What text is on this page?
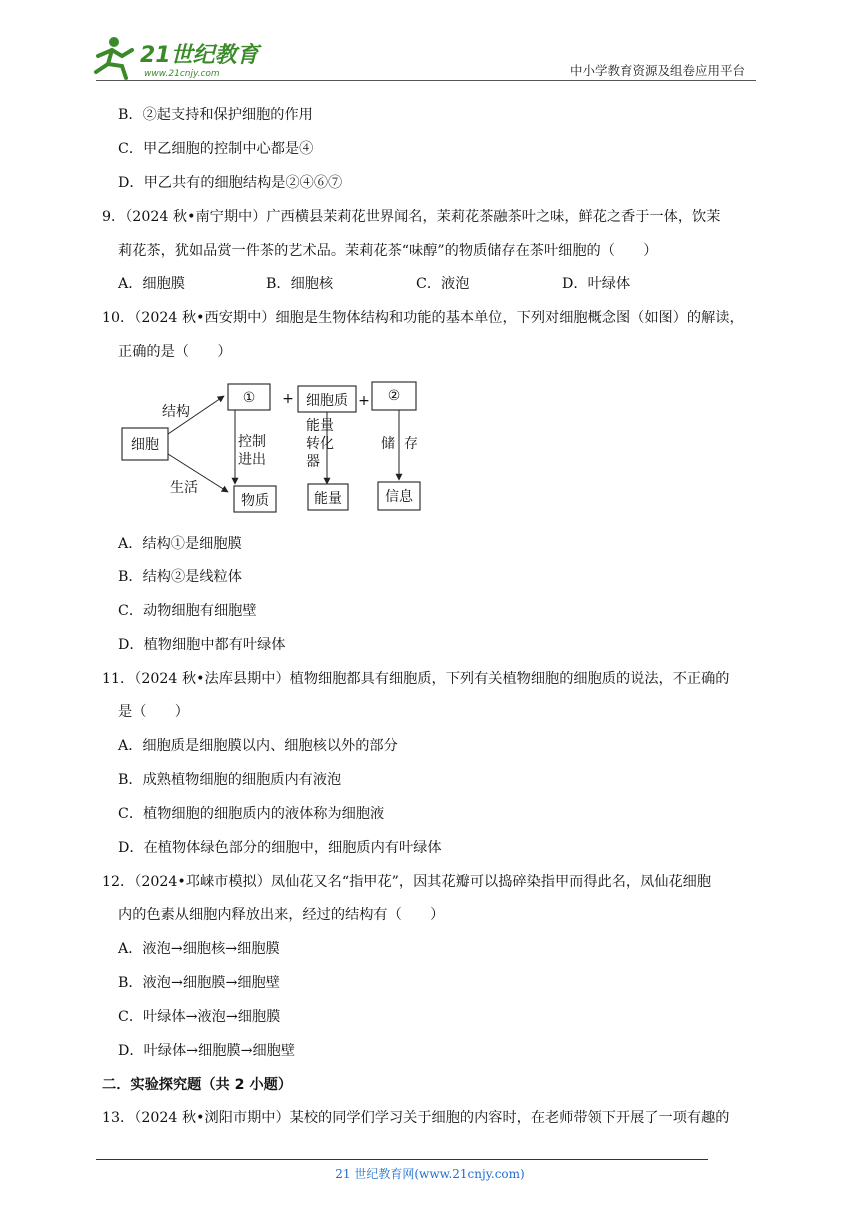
21世纪教育
www.21cnjy.com	中小学教育资源及组卷应用平台
B．②起支持和保护细胞的作用
C．甲乙细胞的控制中心都是④
D．甲乙共有的细胞结构是②④⑥⑦
9．（2024 秋•南宁期中）广西横县茉莉花世界闻名，茉莉花茶融茶叶之味，鲜花之香于一体，饮茉
莉花茶，犹如品赏一件茶的艺术品。茉莉花茶“味醇”的物质储存在茶叶细胞的（　　）
A．细胞膜	B．细胞核	C．液泡	D．叶绿体
10．（2024 秋•西安期中）细胞是生物体结构和功能的基本单位，下列对细胞概念图（如图）的解读，
正确的是（　　）
细胞
结构
生活
① + 细胞质 + ②
控制
进出
能量
转化
器
储 存
物质	能量	信息
A．结构①是细胞膜
B．结构②是线粒体
C．动物细胞有细胞壁
D．植物细胞中都有叶绿体
11．（2024 秋•法库县期中）植物细胞都具有细胞质，下列有关植物细胞的细胞质的说法，不正确的
是（　　）
A．细胞质是细胞膜以内、细胞核以外的部分
B．成熟植物细胞的细胞质内有液泡
C．植物细胞的细胞质内的液体称为细胞液
D．在植物体绿色部分的细胞中，细胞质内有叶绿体
12．（2024•邛崃市模拟）凤仙花又名“指甲花”，因其花瓣可以捣碎染指甲而得此名，凤仙花细胞
内的色素从细胞内释放出来，经过的结构有（　　）
A．液泡→细胞核→细胞膜
B．液泡→细胞膜→细胞壁
C．叶绿体→液泡→细胞膜
D．叶绿体→细胞膜→细胞壁
二．实验探究题（共 2 小题）
13．（2024 秋•浏阳市期中）某校的同学们学习关于细胞的内容时，在老师带领下开展了一项有趣的
21 世纪教育网(www.21cnjy.com)
